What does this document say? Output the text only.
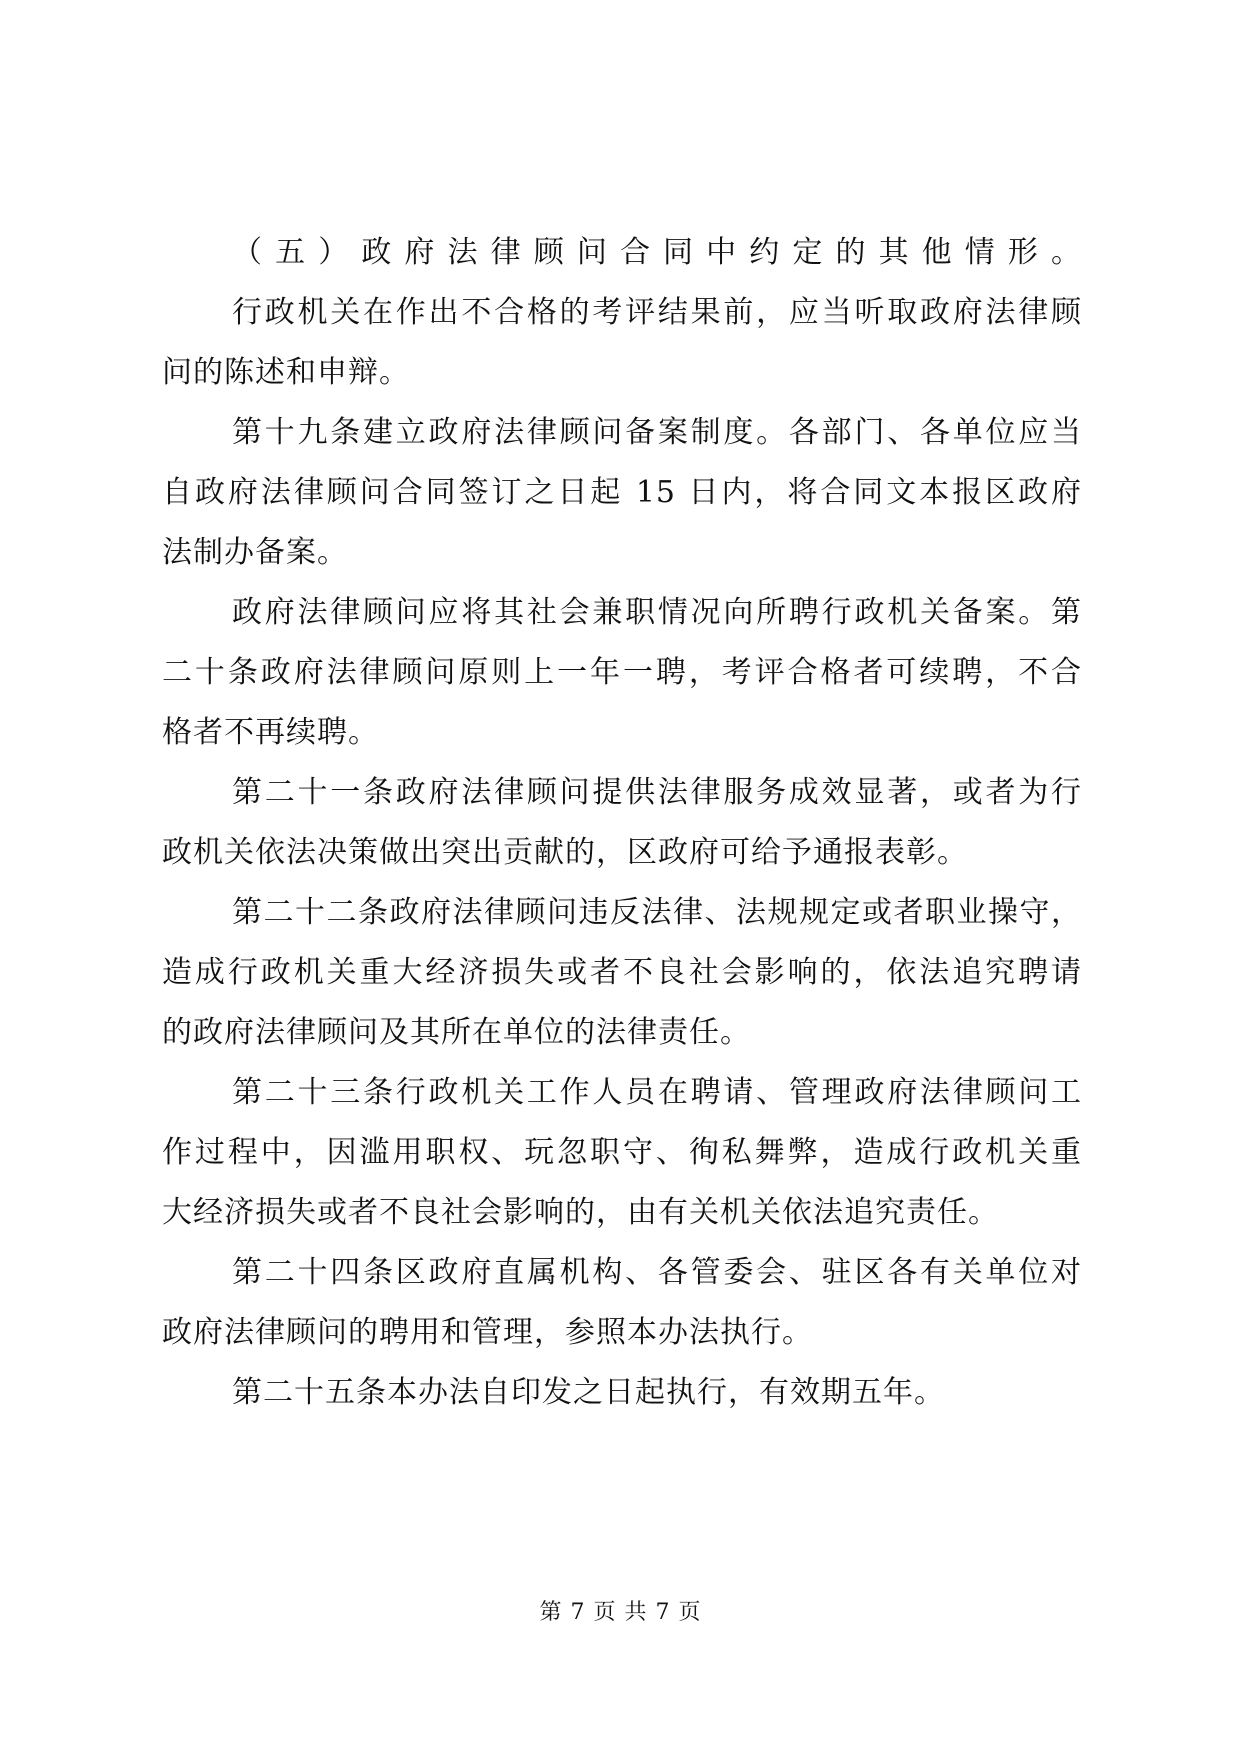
（五）政府法律顾问合同中约定的其他情形。

行政机关在作出不合格的考评结果前，应当听取政府法律顾

问的陈述和申辩。

第十九条建立政府法律顾问备案制度。各部门、各单位应当

自政府法律顾问合同签订之日起 15 日内，将合同文本报区政府

法制办备案。

政府法律顾问应将其社会兼职情况向所聘行政机关备案。第

二十条政府法律顾问原则上一年一聘，考评合格者可续聘，不合

格者不再续聘。

第二十一条政府法律顾问提供法律服务成效显著，或者为行

政机关依法决策做出突出贡献的，区政府可给予通报表彰。

第二十二条政府法律顾问违反法律、法规规定或者职业操守，

造成行政机关重大经济损失或者不良社会影响的，依法追究聘请

的政府法律顾问及其所在单位的法律责任。

第二十三条行政机关工作人员在聘请、管理政府法律顾问工

作过程中，因滥用职权、玩忽职守、徇私舞弊，造成行政机关重

大经济损失或者不良社会影响的，由有关机关依法追究责任。

第二十四条区政府直属机构、各管委会、驻区各有关单位对

政府法律顾问的聘用和管理，参照本办法执行。

第二十五条本办法自印发之日起执行，有效期五年。

第 7 页 共 7 页
